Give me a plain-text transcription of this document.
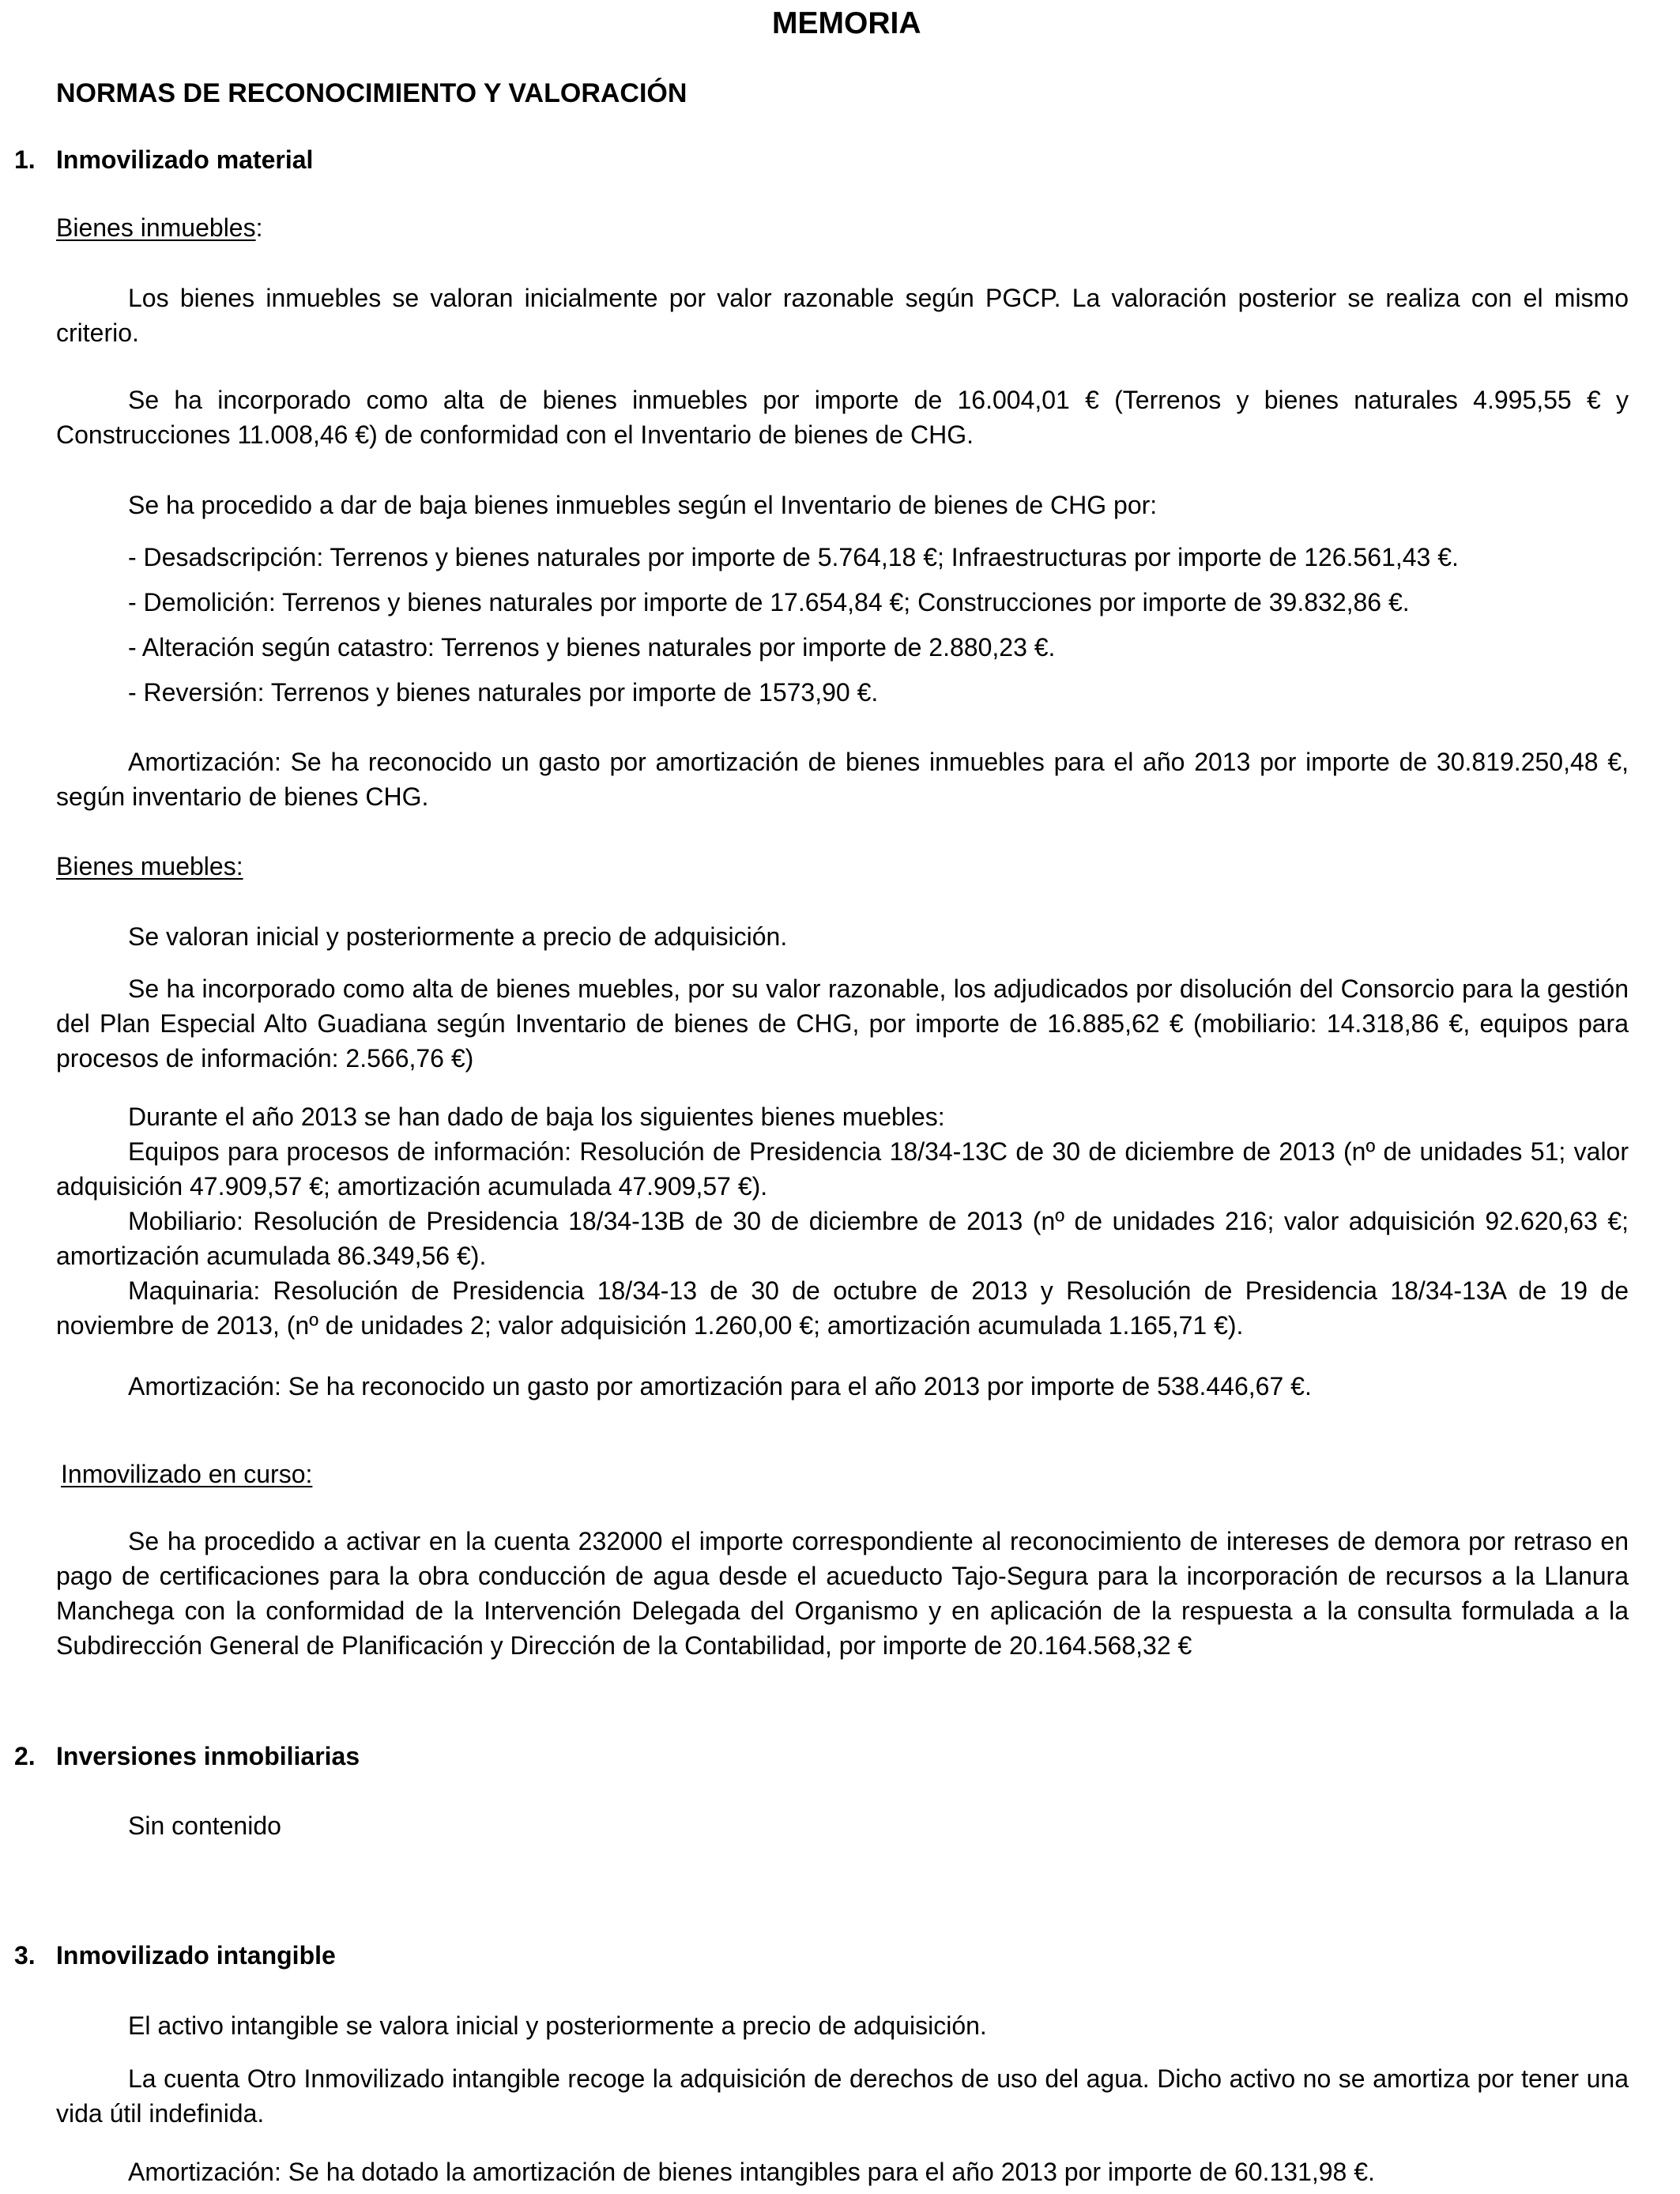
MEMORIA
NORMAS DE RECONOCIMIENTO Y VALORACIÓN
1. Inmovilizado material
Bienes inmuebles:
Los bienes inmuebles se valoran inicialmente por valor razonable según PGCP. La valoración posterior se realiza con el mismo criterio.
Se ha incorporado como alta de bienes inmuebles por importe de 16.004,01 € (Terrenos y bienes naturales 4.995,55 € y Construcciones 11.008,46 €) de conformidad con el Inventario de bienes de CHG.
Se ha procedido a dar de baja bienes inmuebles según el Inventario de bienes de CHG por:
- Desadscripción: Terrenos y bienes naturales por importe de 5.764,18 €; Infraestructuras por importe de 126.561,43 €.
- Demolición: Terrenos y bienes naturales por importe de 17.654,84 €; Construcciones por importe de 39.832,86 €.
- Alteración según catastro: Terrenos y bienes naturales por importe de 2.880,23 €.
- Reversión: Terrenos y bienes naturales por importe de 1573,90 €.
Amortización: Se ha reconocido un gasto por amortización de bienes inmuebles para el año 2013 por importe de 30.819.250,48 €, según inventario de bienes CHG.
Bienes muebles:
Se valoran inicial y posteriormente a precio de adquisición.
Se ha incorporado como alta de bienes muebles, por su valor razonable, los adjudicados por disolución del Consorcio para la gestión del Plan Especial Alto Guadiana según Inventario de bienes de CHG, por importe de 16.885,62 € (mobiliario: 14.318,86 €, equipos para procesos de información: 2.566,76 €)
Durante el año 2013 se han dado de baja los siguientes bienes muebles:
Equipos para procesos de información: Resolución de Presidencia 18/34-13C de 30 de diciembre de 2013 (nº de unidades 51; valor adquisición 47.909,57 €; amortización acumulada 47.909,57 €).
Mobiliario: Resolución de Presidencia 18/34-13B de 30 de diciembre de 2013 (nº de unidades 216; valor adquisición 92.620,63 €; amortización acumulada 86.349,56 €).
Maquinaria: Resolución de Presidencia 18/34-13 de 30 de octubre de 2013 y Resolución de Presidencia 18/34-13A de 19 de noviembre de 2013, (nº de unidades 2; valor adquisición 1.260,00 €; amortización acumulada 1.165,71 €).
Amortización: Se ha reconocido un gasto por amortización para el año 2013 por importe de 538.446,67 €.
Inmovilizado en curso:
Se ha procedido a activar en la cuenta 232000 el importe correspondiente al reconocimiento de intereses de demora por retraso en pago de certificaciones para la obra conducción de agua desde el acueducto Tajo-Segura para la incorporación de recursos a la Llanura Manchega con la conformidad de la Intervención Delegada del Organismo y en aplicación de la respuesta a la consulta formulada a la Subdirección General de Planificación y Dirección de la Contabilidad, por importe de 20.164.568,32 €
2. Inversiones inmobiliarias
Sin contenido
3. Inmovilizado intangible
El activo intangible se valora inicial y posteriormente a precio de adquisición.
La cuenta Otro Inmovilizado intangible recoge la adquisición de derechos de uso del agua. Dicho activo no se amortiza por tener una vida útil indefinida.
Amortización: Se ha dotado la amortización de bienes intangibles para el año 2013 por importe de 60.131,98 €.
